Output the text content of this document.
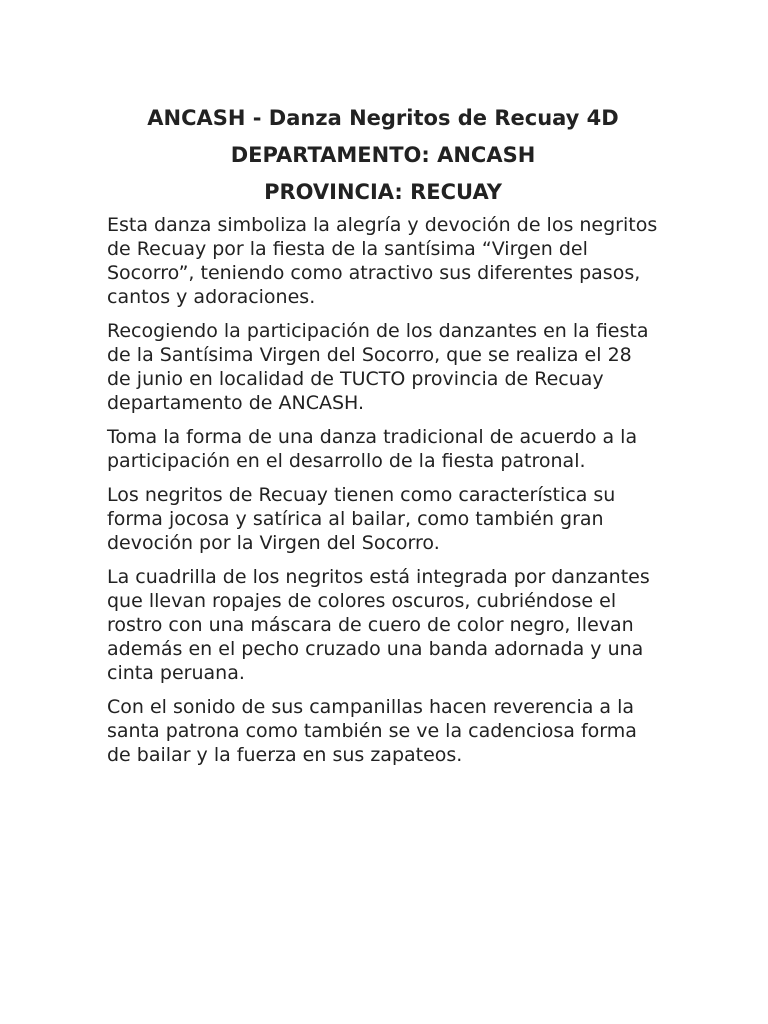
ANCASH - Danza Negritos de Recuay 4D
DEPARTAMENTO: ANCASH
PROVINCIA: RECUAY

Esta danza simboliza la alegría y devoción de los negritos de Recuay por la fiesta de la santísima “Virgen del Socorro”, teniendo como atractivo sus diferentes pasos, cantos y adoraciones.

Recogiendo la participación de los danzantes en la fiesta de la Santísima Virgen del Socorro, que se realiza el 28 de junio en localidad de TUCTO provincia de Recuay departamento de ANCASH.

Toma la forma de una danza tradicional de acuerdo a la participación en el desarrollo de la fiesta patronal.

Los negritos de Recuay tienen como característica su forma jocosa y satírica al bailar, como también gran devoción por la Virgen del Socorro.

La cuadrilla de los negritos está integrada por danzantes que llevan ropajes de colores oscuros, cubriéndose el rostro con una máscara de cuero de color negro, llevan además en el pecho cruzado una banda adornada y una cinta peruana.

Con el sonido de sus campanillas hacen reverencia a la santa patrona como también se ve la cadenciosa forma de bailar y la fuerza en sus zapateos.
